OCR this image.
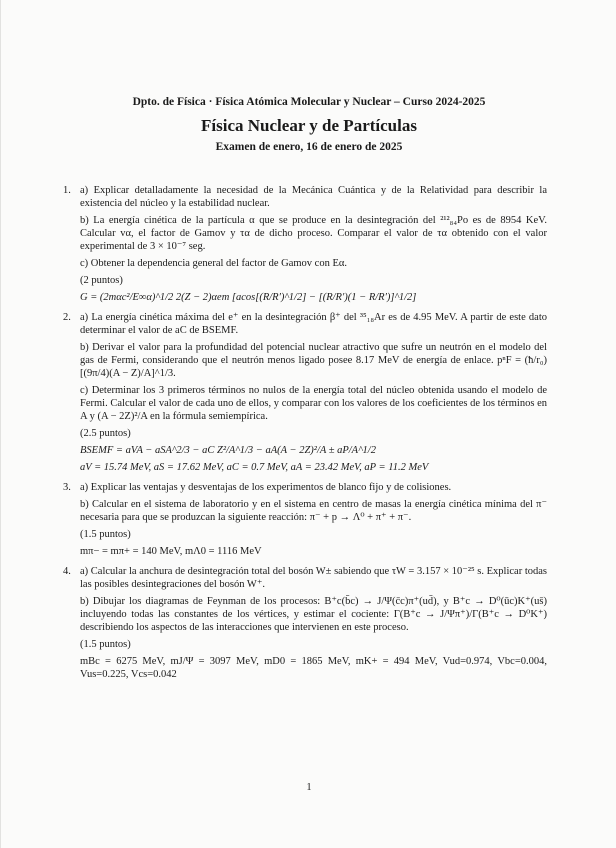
Dpto. de Física · Física Atómica Molecular y Nuclear – Curso 2024-2025
Física Nuclear y de Partículas
Examen de enero, 16 de enero de 2025
1. a) Explicar detalladamente la necesidad de la Mecánica Cuántica y de la Relatividad para describir la existencia del núcleo y la estabilidad nuclear.

b) La energía cinética de la partícula α que se produce en la desintegración del ²¹²₈₄Po es de 8954 KeV. Calcular vα, el factor de Gamov y τα de dicho proceso. Comparar el valor de τα obtenido con el valor experimental de 3 × 10⁻⁷ seg.

c) Obtener la dependencia general del factor de Gamov con Eα.

(2 puntos)

G = (2mαc²/E∞α)^1/2 2(Z − 2)αem [acos[(R/R′)^1/2] − [(R/R′)(1 − R/R′)]^1/2]

2. a) La energía cinética máxima del e⁺ en la desintegración β⁺ del ³⁵₁₈Ar es de 4.95 MeV. A partir de este dato determinar el valor de aC de BSEMF.

b) Derivar el valor para la profundidad del potencial nuclear atractivo que sufre un neutrón en el modelo del gas de Fermi, considerando que el neutrón menos ligado posee 8.17 MeV de energía de enlace. pⁿF = (ħ/r₀)[(9π/4)(A − Z)/A]^1/3.

c) Determinar los 3 primeros términos no nulos de la energía total del núcleo obtenida usando el modelo de Fermi. Calcular el valor de cada uno de ellos, y comparar con los valores de los coeficientes de los términos en A y (A − 2Z)²/A en la fórmula semiempírica.

(2.5 puntos)

BSEMF = aVA − aSA^2/3 − aC Z²/A^1/3 − aA(A − 2Z)²/A ± aP/A^1/2

aV = 15.74 MeV, aS = 17.62 MeV, aC = 0.7 MeV, aA = 23.42 MeV, aP = 11.2 MeV

3. a) Explicar las ventajas y desventajas de los experimentos de blanco fijo y de colisiones.

b) Calcular en el sistema de laboratorio y en el sistema en centro de masas la energía cinética mínima del π⁻ necesaria para que se produzcan la siguiente reacción: π⁻ + p → Λ⁰ + π⁺ + π⁻.

(1.5 puntos)

mπ− = mπ+ = 140 MeV, mΛ0 = 1116 MeV

4. a) Calcular la anchura de desintegración total del bosón W± sabiendo que τW = 3.157 × 10⁻²⁵ s. Explicar todas las posibles desintegraciones del bosón W⁺.

b) Dibujar los diagramas de Feynman de los procesos: B⁺c(b̄c) → J/Ψ(c̄c)π⁺(ud̄), y B⁺c → D⁰(ūc)K⁺(us̄) incluyendo todas las constantes de los vértices, y estimar el cociente: Γ(B⁺c → J/Ψπ⁺)/Γ(B⁺c → D⁰K⁺) describiendo los aspectos de las interacciones que intervienen en este proceso.

(1.5 puntos)

mBc = 6275 MeV, mJ/Ψ = 3097 MeV, mD0 = 1865 MeV, mK+ = 494 MeV, Vud=0.974, Vbc=0.004, Vus=0.225, Vcs=0.042

1
